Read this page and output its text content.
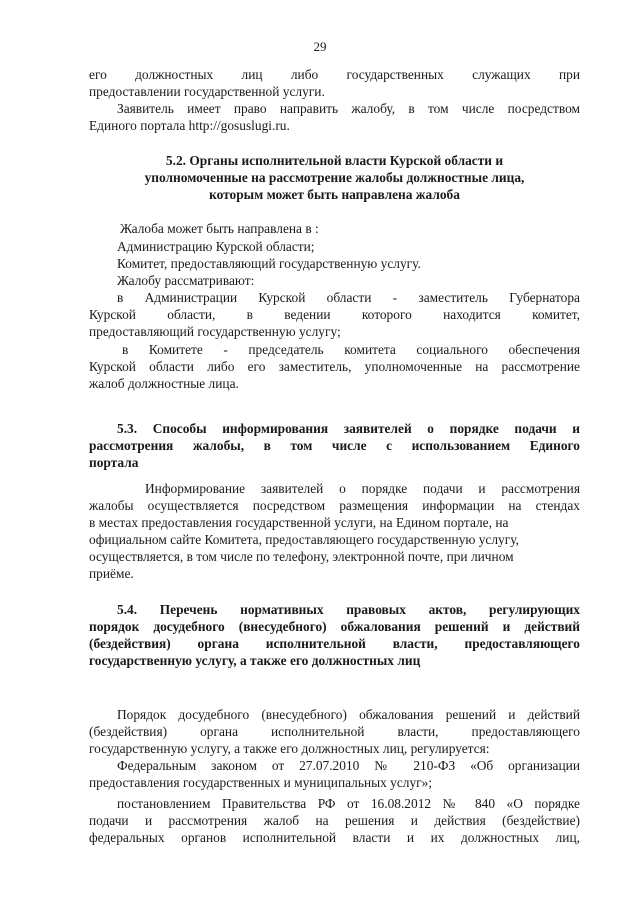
29
его должностных лиц либо государственных служащих при
предоставлении государственной услуги.
Заявитель имеет право направить жалобу, в том числе посредством
Единого портала http://gosuslugi.ru.
5.2. Органы исполнительной власти Курской области и
уполномоченные на рассмотрение жалобы должностные лица,
которым может быть направлена жалоба
Жалоба может быть направлена в :
Администрацию Курской области;
Комитет, предоставляющий государственную услугу.
Жалобу рассматривают:
в Администрации Курской области - заместитель Губернатора
Курской области, в ведении которого находится комитет,
предоставляющий государственную услугу;
в Комитете - председатель комитета социального обеспечения
Курской области либо его заместитель, уполномоченные на рассмотрение
жалоб должностные лица.
5.3. Способы информирования заявителей о порядке подачи и
рассмотрения жалобы, в том числе с использованием Единого
портала
Информирование заявителей о порядке подачи и рассмотрения
жалобы осуществляется посредством размещения информации на стендах
в местах предоставления государственной услуги, на Едином портале, на
официальном сайте Комитета, предоставляющего государственную услугу,
осуществляется, в том числе по телефону, электронной почте, при личном
приёме.
5.4. Перечень нормативных правовых актов, регулирующих
порядок досудебного (внесудебного) обжалования решений и действий
(бездействия) органа исполнительной власти, предоставляющего
государственную услугу, а также его должностных лиц
Порядок досудебного (внесудебного) обжалования решений и действий
(бездействия) органа исполнительной власти, предоставляющего
государственную услугу, а также его должностных лиц, регулируется:
Федеральным законом от 27.07.2010 № 210-ФЗ «Об организации
предоставления государственных и муниципальных услуг»;
постановлением Правительства РФ от 16.08.2012 № 840 «О порядке
подачи и рассмотрения жалоб на решения и действия (бездействие)
федеральных органов исполнительной власти и их должностных лиц,
